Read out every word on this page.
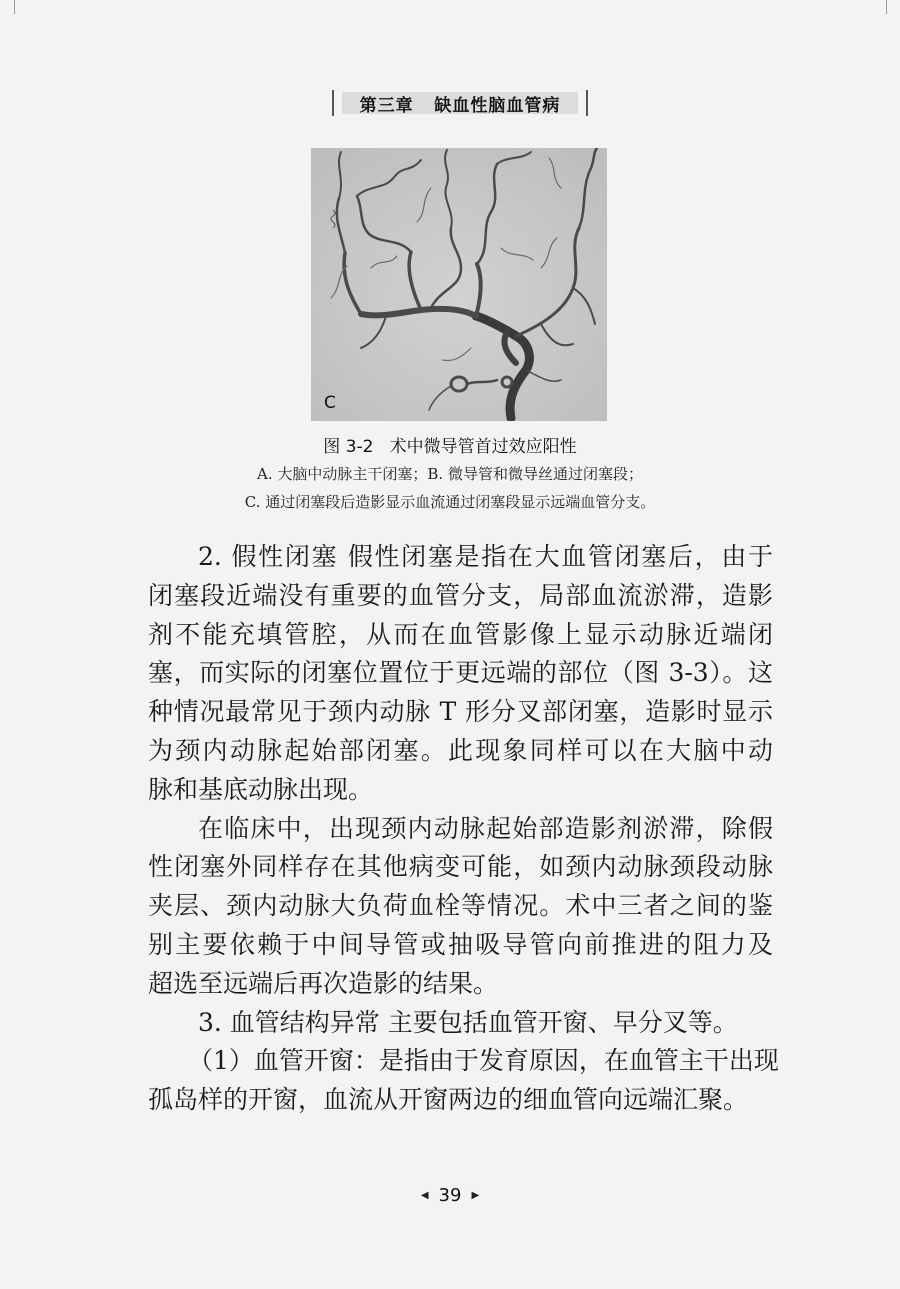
第三章   缺血性脑血管病
C
图 3-2   术中微导管首过效应阳性
A. 大脑中动脉主干闭塞；B. 微导管和微导丝通过闭塞段；
C. 通过闭塞段后造影显示血流通过闭塞段显示远端血管分支。
2. 假性闭塞 假性闭塞是指在大血管闭塞后，由于
闭塞段近端没有重要的血管分支，局部血流淤滞，造影
剂不能充填管腔，从而在血管影像上显示动脉近端闭
塞，而实际的闭塞位置位于更远端的部位（图 3-3）。这
种情况最常见于颈内动脉 T 形分叉部闭塞，造影时显示
为颈内动脉起始部闭塞。此现象同样可以在大脑中动
脉和基底动脉出现。
在临床中，出现颈内动脉起始部造影剂淤滞，除假
性闭塞外同样存在其他病变可能，如颈内动脉颈段动脉
夹层、颈内动脉大负荷血栓等情况。术中三者之间的鉴
别主要依赖于中间导管或抽吸导管向前推进的阻力及
超选至远端后再次造影的结果。
3. 血管结构异常 主要包括血管开窗、早分叉等。
（1）血管开窗：是指由于发育原因，在血管主干出现
孤岛样的开窗，血流从开窗两边的细血管向远端汇聚。
◀ 39 ▶
